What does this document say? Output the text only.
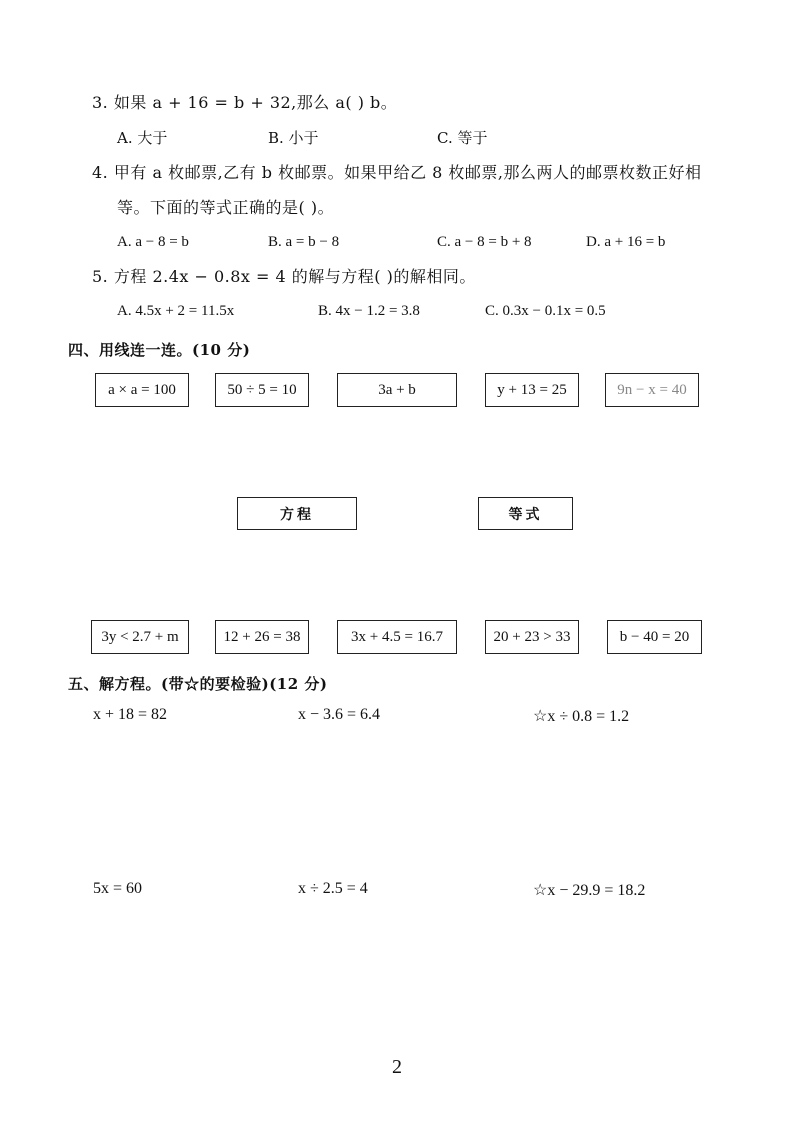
3. 如果 a + 16 = b + 32,那么 a( ) b。
A. 大于	B. 小于	C. 等于
4. 甲有 a 枚邮票,乙有 b 枚邮票。如果甲给乙 8 枚邮票,那么两人的邮票枚数正好相
等。下面的等式正确的是( )。
A. a − 8 = b	B. a = b − 8	C. a − 8 = b + 8	D. a + 16 = b
5. 方程 2.4x − 0.8x = 4 的解与方程( )的解相同。
A. 4.5x + 2 = 11.5x	B. 4x − 1.2 = 3.8	C. 0.3x − 0.1x = 0.5
四、用线连一连。(10 分)
a × a = 100	50 ÷ 5 = 10	3a + b	y + 13 = 25	9n − x = 40
方程	等式
3y < 2.7 + m	12 + 26 = 38	3x + 4.5 = 16.7	20 + 23 > 33	b − 40 = 20
五、解方程。(带☆的要检验)(12 分)
x + 18 = 82	x − 3.6 = 6.4	☆x ÷ 0.8 = 1.2
5x = 60	x ÷ 2.5 = 4	☆x − 29.9 = 18.2
2
